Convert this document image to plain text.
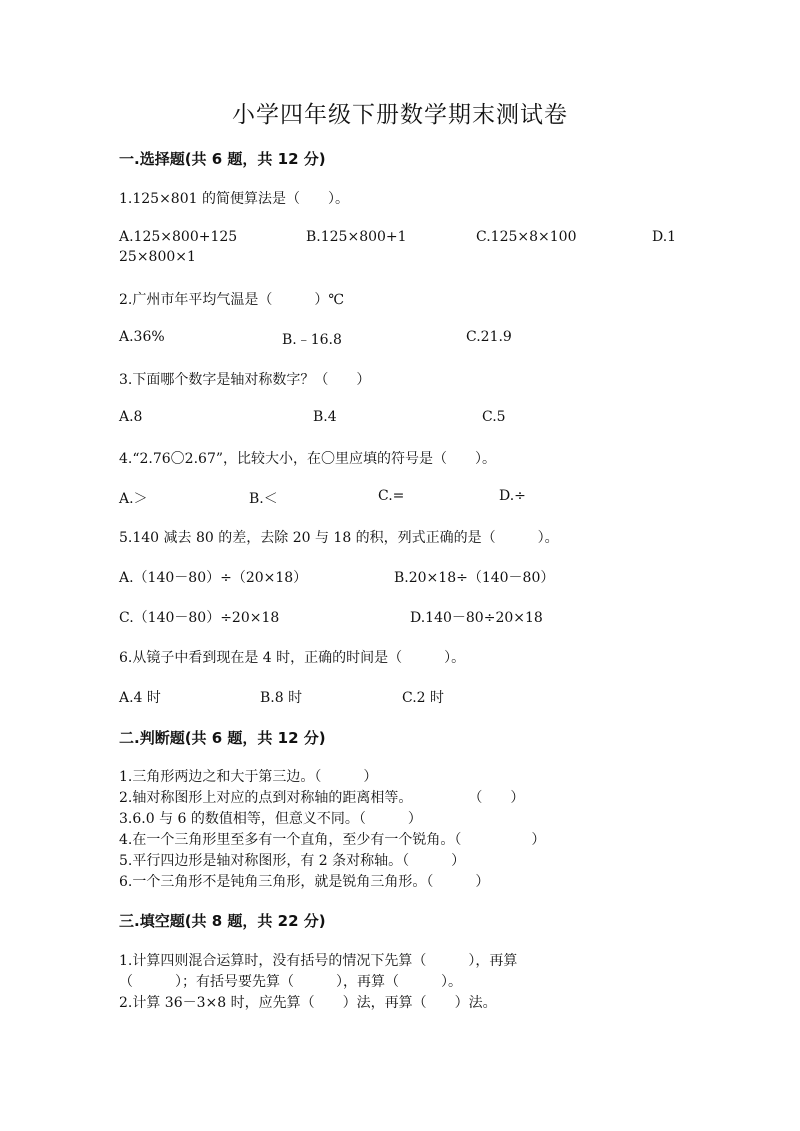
小学四年级下册数学期末测试卷
一.选择题(共 6 题，共 12 分)
1.125×801 的简便算法是（　　）。
A.125×800+125	B.125×800+1	C.125×8×100	D.1
25×800×1
2.广州市年平均气温是（　　　）℃
A.36%	B.﹣16.8	C.21.9
3.下面哪个数字是轴对称数字？（　　）
A.8	B.4	C.5
4.“2.76〇2.67”，比较大小，在〇里应填的符号是（　　）。
A.＞	B.＜	C.=	D.÷
5.140 减去 80 的差，去除 20 与 18 的积，列式正确的是（　　　）。
A.（140－80）÷（20×18）	B.20×18÷（140－80）
C.（140－80）÷20×18	D.140－80÷20×18
6.从镜子中看到现在是 4 时，正确的时间是（　　　）。
A.4 时	B.8 时	C.2 时
二.判断题(共 6 题，共 12 分)
1.三角形两边之和大于第三边。（　　　）
2.轴对称图形上对应的点到对称轴的距离相等。　　　　　（　　）
3.6.0 与 6 的数值相等，但意义不同。（　　　）
4.在一个三角形里至多有一个直角，至少有一个锐角。（　　　　　）
5.平行四边形是轴对称图形，有 2 条对称轴。（　　　）
6.一个三角形不是钝角三角形，就是锐角三角形。（　　　）
三.填空题(共 8 题，共 22 分)
1.计算四则混合运算时，没有括号的情况下先算（　　　），再算
（　　　）；有括号要先算（　　　），再算（　　　）。
2.计算 36－3×8 时，应先算（　　）法，再算（　　）法。
